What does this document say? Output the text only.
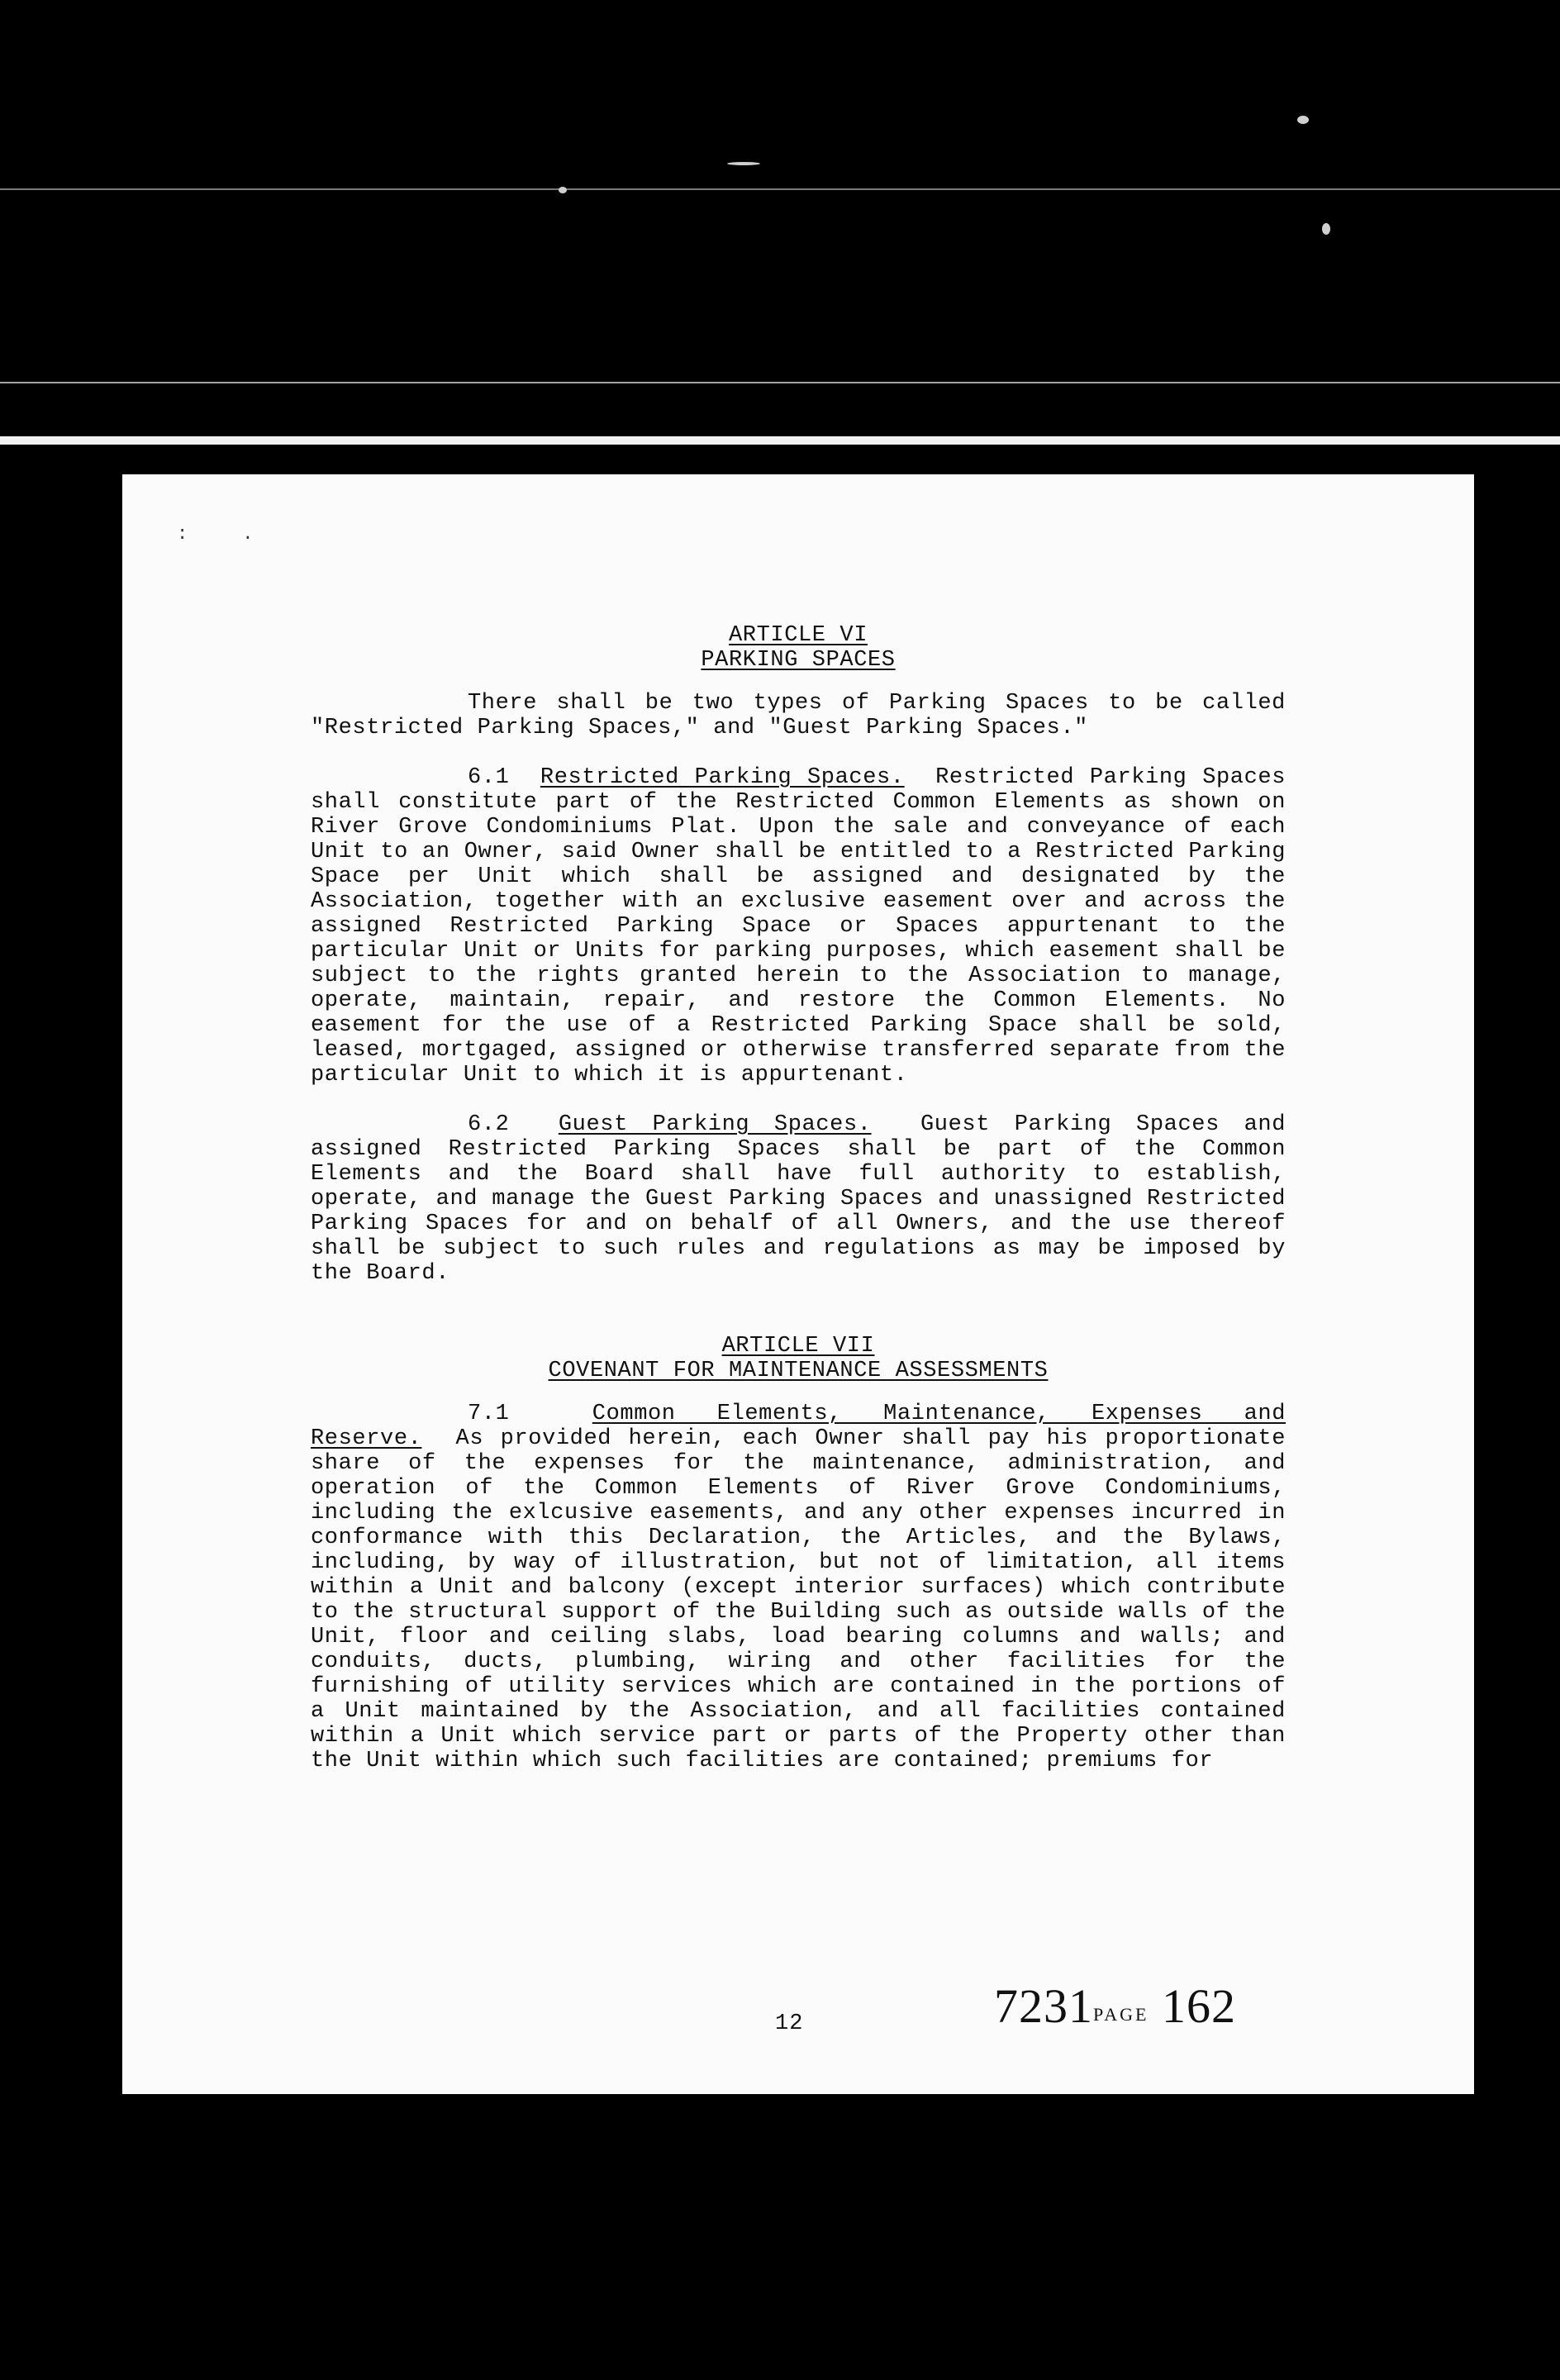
:     .

ARTICLE VI

PARKING SPACES

There shall be two types of Parking Spaces to be called "Restricted Parking Spaces," and "Guest Parking Spaces."

6.1 Restricted Parking Spaces. Restricted Parking Spaces shall constitute part of the Restricted Common Elements as shown on River Grove Condominiums Plat. Upon the sale and conveyance of each Unit to an Owner, said Owner shall be entitled to a Restricted Parking Space per Unit which shall be assigned and designated by the Association, together with an exclusive easement over and across the assigned Restricted Parking Space or Spaces appurtenant to the particular Unit or Units for parking purposes, which easement shall be subject to the rights granted herein to the Association to manage, operate, maintain, repair, and restore the Common Elements. No easement for the use of a Restricted Parking Space shall be sold, leased, mortgaged, assigned or otherwise transferred separate from the particular Unit to which it is appurtenant.

6.2 Guest Parking Spaces. Guest Parking Spaces and assigned Restricted Parking Spaces shall be part of the Common Elements and the Board shall have full authority to establish, operate, and manage the Guest Parking Spaces and unassigned Restricted Parking Spaces for and on behalf of all Owners, and the use thereof shall be subject to such rules and regulations as may be imposed by the Board.

ARTICLE VII

COVENANT FOR MAINTENANCE ASSESSMENTS

7.1	Common Elements, Maintenance, Expenses and Reserve. As provided herein, each Owner shall pay his proportionate share of the expenses for the maintenance, administration, and operation of the Common Elements of River Grove Condominiums, including the exlcusive easements, and any other expenses incurred in conformance with this Declaration, the Articles, and the Bylaws, including, by way of illustration, but not of limitation, all items within a Unit and balcony (except interior surfaces) which contribute to the structural support of the Building such as outside walls of the Unit, floor and ceiling slabs, load bearing columns and walls; and conduits, ducts, plumbing, wiring and other facilities for the furnishing of utility services which are contained in the portions of a Unit maintained by the Association, and all facilities contained within a Unit which service part or parts of the Property other than the Unit within which such facilities are contained; premiums for

12	7231PAGE 162
